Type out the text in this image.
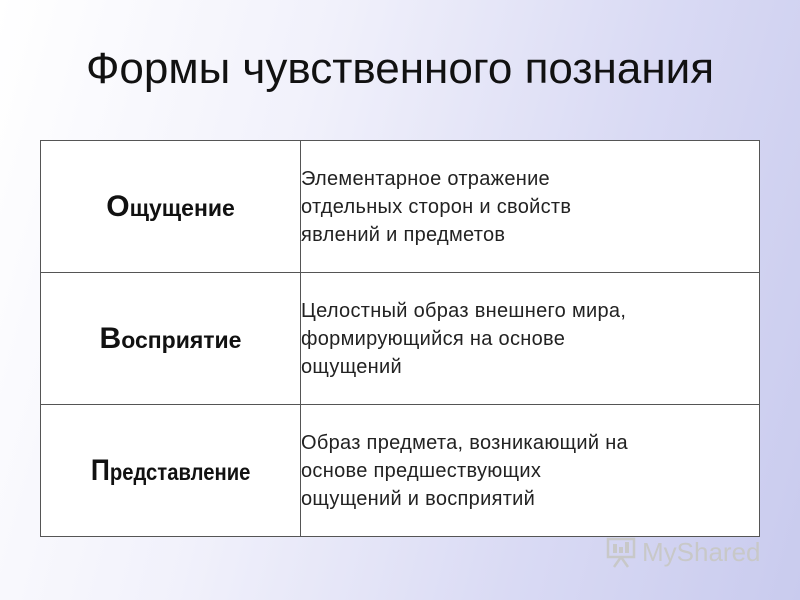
Формы чувственного познания
Ощущение	Элементарное отражение
отдельных сторон и свойств
явлений и предметов

Восприятие	Целостный образ внешнего мира,
формирующийся на основе
ощущений

Представление	Образ предмета, возникающий на
основе предшествующих
ощущений и восприятий
MyShared
